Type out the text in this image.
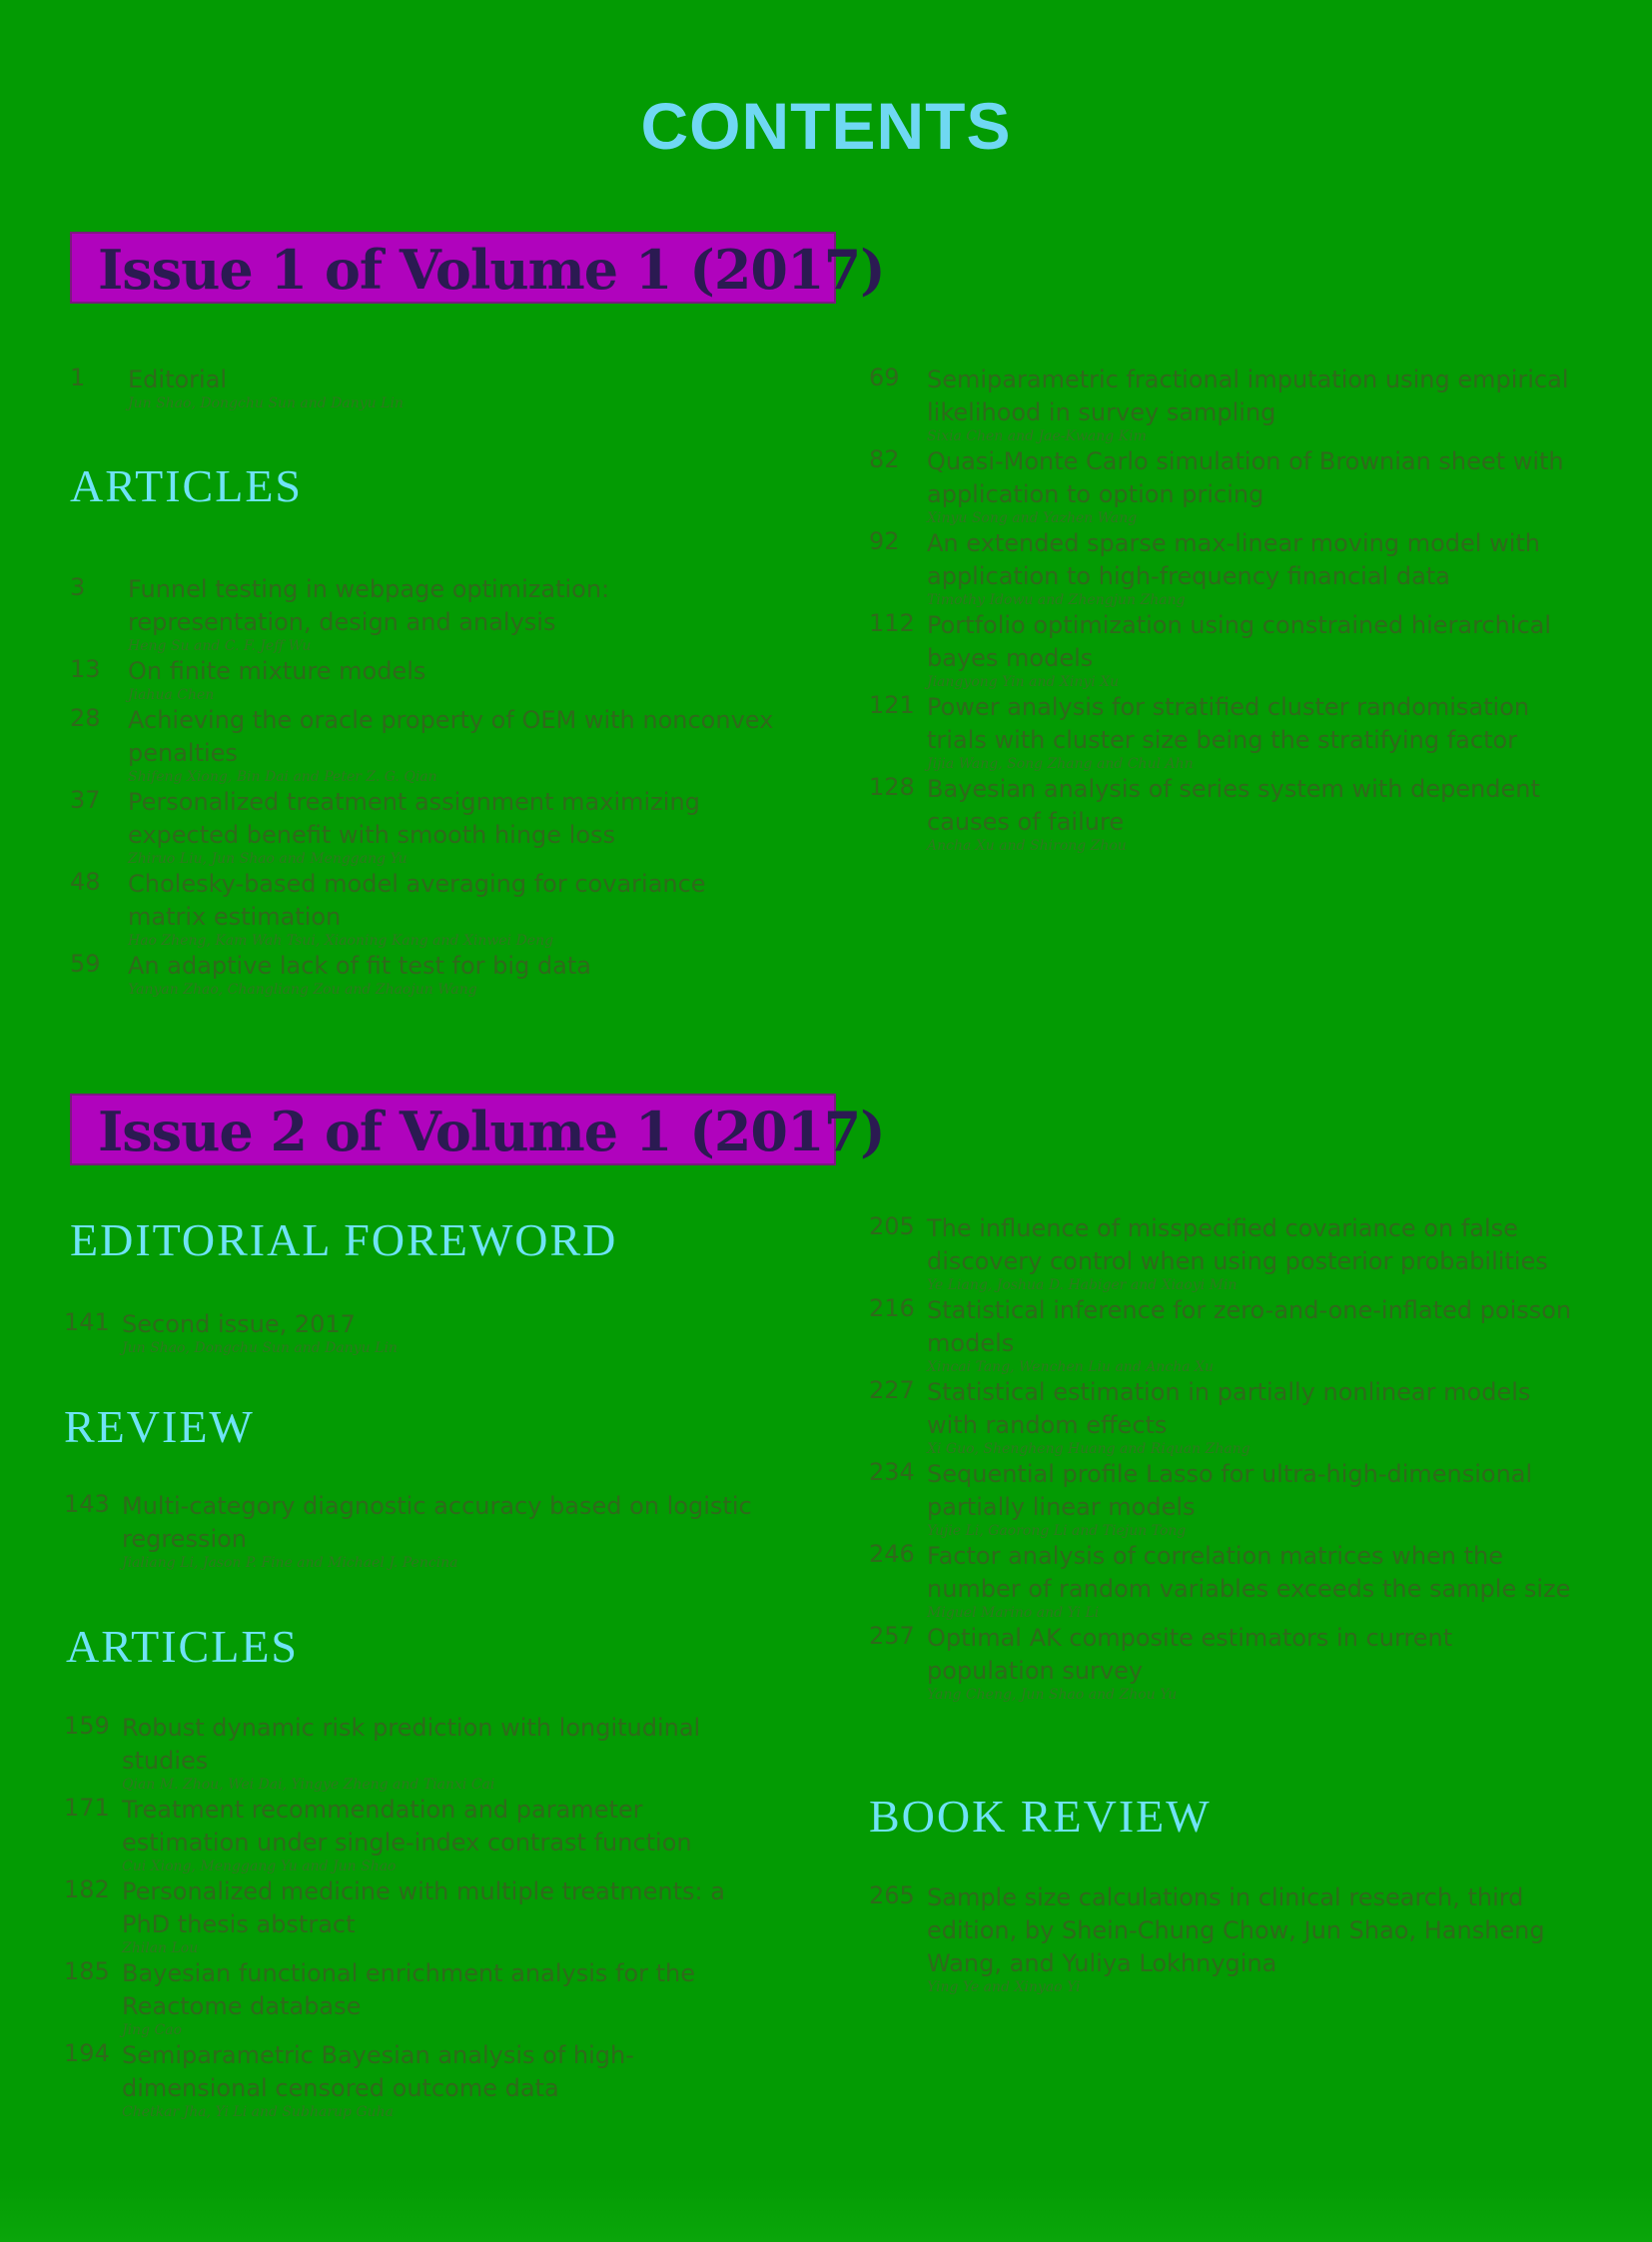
CONTENTS
Issue 1 of Volume 1 (2017)
1 Editorial
Jun Shao, Dongchu Sun and Danyu Lin
ARTICLES
3 Funnel testing in webpage optimization: representation, design and analysis
Heng Su and C. F. Jeff Wu
13 On finite mixture models
Jiahua Chen
28 Achieving the oracle property of OEM with nonconvex penalties
Shifeng Xiong, Bin Dai and Peter Z. G. Qian
37 Personalized treatment assignment maximizing expected benefit with smooth hinge loss
Zhiruo Liu, Jun Shao and Menggang Yu
48 Cholesky-based model averaging for covariance matrix estimation
Hao Zheng, Kam Wah Tsui, Xiaoning Kang and Xinwei Deng
59 An adaptive lack of fit test for big data
Yanyan Zhao, Changliang Zou and Zhaojun Wang
69 Semiparametric fractional imputation using empirical likelihood in survey sampling
Sixia Chen and Jae-Kwang Kim
82 Quasi-Monte Carlo simulation of Brownian sheet with application to option pricing
Xinyu Song and Yazhen Wang
92 An extended sparse max-linear moving model with application to high-frequency financial data
Timothy Idowu and Zhengjun Zhang
112 Portfolio optimization using constrained hierarchical bayes models
Jiangyong Yin and Xinyi Xu
121 Power analysis for stratified cluster randomisation trials with cluster size being the stratifying factor
Jijia Wang, Song Zhang and Chul Ahn
128 Bayesian analysis of series system with dependent causes of failure
Ancha Xu and Shirong Zhou
Issue 2 of Volume 1 (2017)
EDITORIAL FOREWORD
141 Second issue, 2017
Jun Shao, Dongchu Sun and Danyu Lin
REVIEW
143 Multi-category diagnostic accuracy based on logistic regression
Jialiang Li, Jason P. Fine and Michael J. Pencina
ARTICLES
159 Robust dynamic risk prediction with longitudinal studies
Qian M. Zhou, Wei Dai, Yingye Zheng and Tianxi Cai
171 Treatment recommendation and parameter estimation under single-index contrast function
Cui Xiong, Menggang Yu and Jun Shao
182 Personalized medicine with multiple treatments: a PhD thesis abstract
Zhilan Lou
185 Bayesian functional enrichment analysis for the Reactome database
Jing Cao
194 Semiparametric Bayesian analysis of high-dimensional censored outcome data
Chetkar Jha, Yi Li and Subharup Guha
205 The influence of misspecified covariance on false discovery control when using posterior probabilities
Ye Liang, Joshua D. Habiger and Xiaoyi Min
216 Statistical inference for zero-and-one-inflated poisson models
Xincai Tang, Wenchen Liu and Ancha Xu
227 Statistical estimation in partially nonlinear models with random effects
Xi Guo, Shengheng Huang and Riquan Zhang
234 Sequential profile Lasso for ultra-high-dimensional partially linear models
Yujie Li, Gaorong Li and Tiejun Tong
246 Factor analysis of correlation matrices when the number of random variables exceeds the sample size
Miguel Marino and Yi Li
257 Optimal AK composite estimators in current population survey
Yang Cheng, Jun Shao and Zhou Yu
BOOK REVIEW
265 Sample size calculations in clinical research, third edition, by Shein-Chung Chow, Jun Shao, Hansheng Wang, and Yuliya Lokhnygina
Ying Ye and Xinyao Yi
